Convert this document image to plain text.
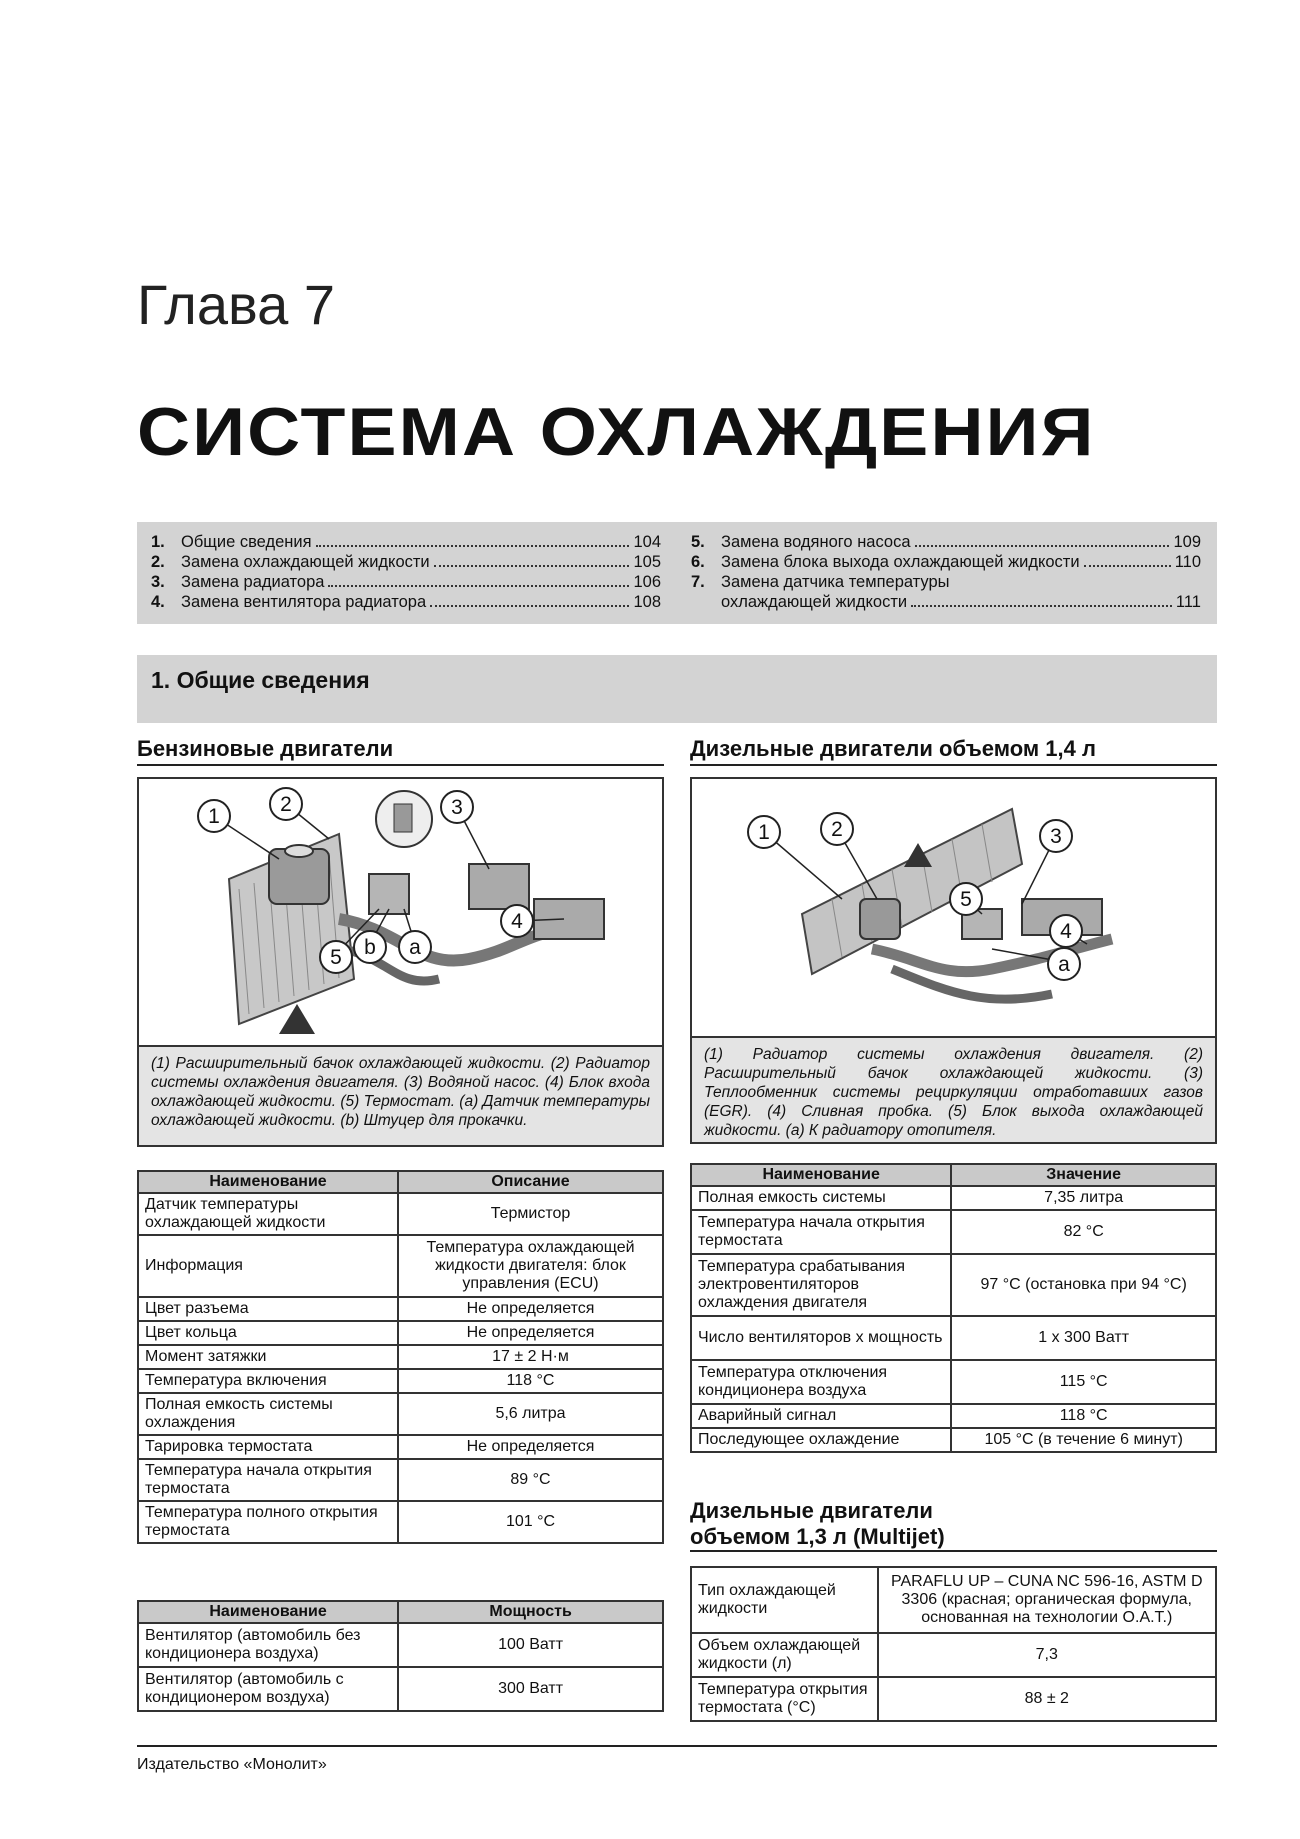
Глава 7
СИСТЕМА ОХЛАЖДЕНИЯ
1. Общие сведения	104
2. Замена охлаждающей жидкости	105
3. Замена радиатора	106
4. Замена вентилятора радиатора	108
5. Замена водяного насоса	109
6. Замена блока выхода охлаждающей жидкости	110
7. Замена датчика температуры
охлаждающей жидкости	111
1. Общие сведения
Бензиновые двигатели
1
2	3
4
5 b a
(1) Расширительный бачок охлаждающей жидкости. (2) Радиатор системы охлаждения двигателя. (3) Водяной насос. (4) Блок входа охлаждающей жидкости. (5) Термостат. (a) Датчик температуры охлаждающей жидкости. (b) Штуцер для прокачки.
Наименование	Описание
Датчик температуры охлаждающей жидкости	Термистор
Информация	Температура охлаждающей жидкости двигателя: блок управления (ECU)
Цвет разъема	Не определяется
Цвет кольца	Не определяется
Момент затяжки	17 ± 2 Н·м
Температура включения	118 °C
Полная емкость системы охлаждения	5,6 литра
Тарировка термостата	Не определяется
Температура начала открытия термостата	89 °C
Температура полного открытия термостата	101 °C
Наименование	Мощность
Вентилятор (автомобиль без кондиционера воздуха)	100 Ватт
Вентилятор (автомобиль с кондиционером воздуха)	300 Ватт
Дизельные двигатели объемом 1,4 л
1	2	3
5
4
a
(1) Радиатор системы охлаждения двигателя. (2) Расширительный бачок охлаждающей жидкости. (3) Теплообменник системы рециркуляции отработавших газов (EGR). (4) Сливная пробка. (5) Блок выхода охлаждающей жидкости. (a) К радиатору отопителя.
Наименование	Значение
Полная емкость системы	7,35 литра
Температура начала открытия термостата	82 °C
Температура срабатывания электровентиляторов охлаждения двигателя	97 °C (остановка при 94 °C)
Число вентиляторов х мощность	1 x 300 Ватт
Температура отключения кондиционера воздуха	115 °C
Аварийный сигнал	118 °C
Последующее охлаждение	105 °C (в течение 6 минут)
Дизельные двигатели
объемом 1,3 л (Multijet)
Тип охлаждающей жидкости	PARAFLU UP – CUNA NC 596-16, ASTM D 3306 (красная; органическая формула, основанная на технологии O.A.T.)
Объем охлаждающей жидкости (л)	7,3
Температура открытия термостата (°C)	88 ± 2
Издательство «Монолит»
